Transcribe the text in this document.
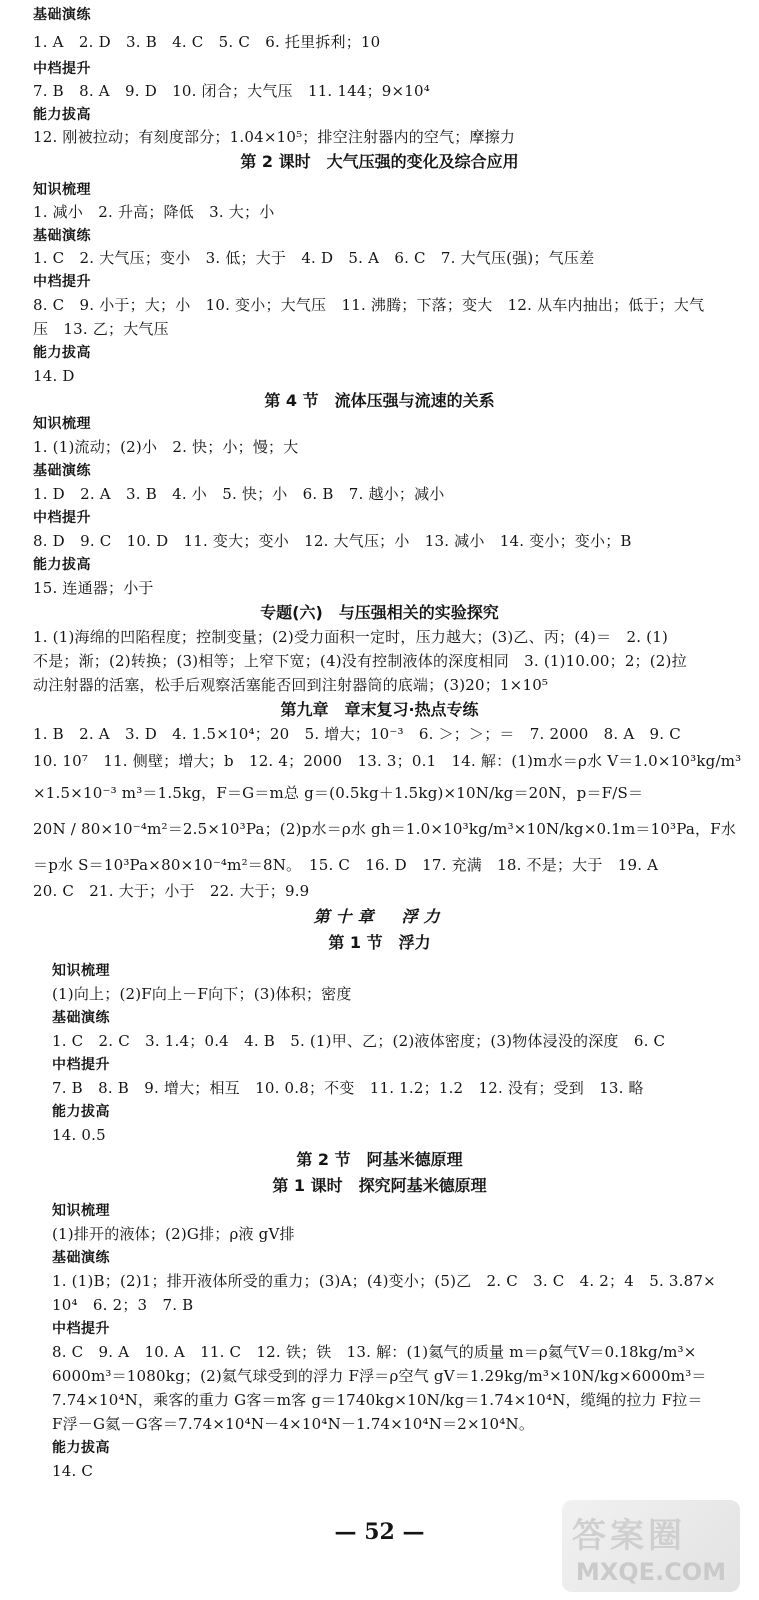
基础演练
1. A　2. D　3. B　4. C　5. C　6. 托里拆利；10
中档提升
7. B　8. A　9. D　10. 闭合；大气压　11. 144；9×10⁴
能力拔高
12. 刚被拉动；有刻度部分；1.04×10⁵；排空注射器内的空气；摩擦力
第 2 课时　大气压强的变化及综合应用
知识梳理
1. 减小　2. 升高；降低　3. 大；小
基础演练
1. C　2. 大气压；变小　3. 低；大于　4. D　5. A　6. C　7. 大气压(强)；气压差
中档提升
8. C　9. 小于；大；小　10. 变小；大气压　11. 沸腾；下落；变大　12. 从车内抽出；低于；大气
压　13. 乙；大气压
能力拔高
14. D
第 4 节　流体压强与流速的关系
知识梳理
1. (1)流动；(2)小　2. 快；小；慢；大
基础演练
1. D　2. A　3. B　4. 小　5. 快；小　6. B　7. 越小；减小
中档提升
8. D　9. C　10. D　11. 变大；变小　12. 大气压；小　13. 减小　14. 变小；变小；B
能力拔高
15. 连通器；小于
专题(六)　与压强相关的实验探究
1. (1)海绵的凹陷程度；控制变量；(2)受力面积一定时，压力越大；(3)乙、丙；(4)＝　2. (1)
不是；渐；(2)转换；(3)相等；上窄下宽；(4)没有控制液体的深度相同　3. (1)10.00；2；(2)拉
动注射器的活塞，松手后观察活塞能否回到注射器筒的底端；(3)20；1×10⁵
第九章　章末复习·热点专练
1. B　2. A　3. D　4. 1.5×10⁴；20　5. 增大；10⁻³　6. ＞；＞；＝　7. 2000　8. A　9. C
10. 10⁷　11. 侧壁；增大；b　12. 4；2000　13. 3；0.1　14. 解：(1)m水＝ρ水 V＝1.0×10³kg/m³
×1.5×10⁻³ m³＝1.5kg，F＝G＝m总 g＝(0.5kg＋1.5kg)×10N/kg＝20N，p＝F/S＝
20N / 80×10⁻⁴m²＝2.5×10³Pa；(2)p水＝ρ水 gh＝1.0×10³kg/m³×10N/kg×0.1m＝10³Pa，F水
＝p水 S＝10³Pa×80×10⁻⁴m²＝8N。　15. C　16. D　17. 充满　18. 不是；大于　19. A
20. C　21. 大于；小于　22. 大于；9.9
第十章　浮力
第 1 节　浮力
知识梳理
(1)向上；(2)F向上－F向下；(3)体积；密度
基础演练
1. C　2. C　3. 1.4；0.4　4. B　5. (1)甲、乙；(2)液体密度；(3)物体浸没的深度　6. C
中档提升
7. B　8. B　9. 增大；相互　10. 0.8；不变　11. 1.2；1.2　12. 没有；受到　13. 略
能力拔高
14. 0.5
第 2 节　阿基米德原理
第 1 课时　探究阿基米德原理
知识梳理
(1)排开的液体；(2)G排；ρ液 gV排
基础演练
1. (1)B；(2)1；排开液体所受的重力；(3)A；(4)变小；(5)乙　2. C　3. C　4. 2；4　5. 3.87×
10⁴　6. 2；3　7. B
中档提升
8. C　9. A　10. A　11. C　12. 铁；铁　13. 解：(1)氦气的质量 m＝ρ氦气V＝0.18kg/m³×
6000m³＝1080kg；(2)氦气球受到的浮力 F浮＝ρ空气 gV＝1.29kg/m³×10N/kg×6000m³＝
7.74×10⁴N，乘客的重力 G客＝m客 g＝1740kg×10N/kg＝1.74×10⁴N，缆绳的拉力 F拉＝
F浮－G氦－G客＝7.74×10⁴N－4×10⁴N－1.74×10⁴N＝2×10⁴N。
能力拔高
14. C
— 52 —	答案圈
MXQE.COM
